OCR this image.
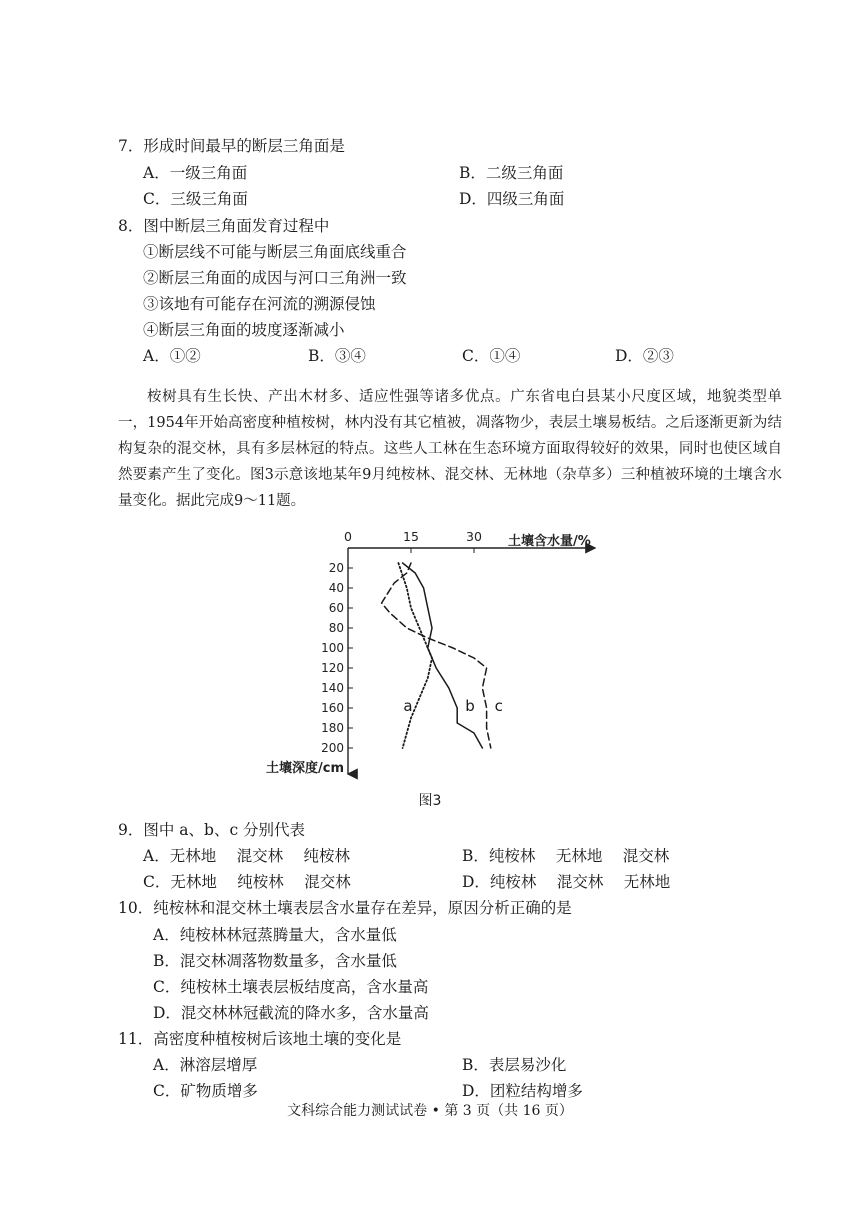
7．形成时间最早的断层三角面是
A．一级三角面	B．二级三角面
C．三级三角面	D．四级三角面
8．图中断层三角面发育过程中
①断层线不可能与断层三角面底线重合
②断层三角面的成因与河口三角洲一致
③该地有可能存在河流的溯源侵蚀
④断层三角面的坡度逐渐减小
A．①②	B．③④	C．①④	D．②③

桉树具有生长快、产出木材多、适应性强等诸多优点。广东省电白县某小尺度区域，地貌类型单一，1954年开始高密度种植桉树，林内没有其它植被，凋落物少，表层土壤易板结。之后逐渐更新为结构复杂的混交林，具有多层林冠的特点。这些人工林在生态环境方面取得较好的效果，同时也使区域自然要素产生了变化。图3示意该地某年9月纯桉林、混交林、无林地（杂草多）三种植被环境的土壤含水量变化。据此完成9～11题。

0	15	30 土壤含水量/%
20
40
60
80
100
120
140
160
180
200
土壤深度/cm
a	b c
图3
9．图中 a、b、c 分别代表
A．无林地　 混交林　 纯桉林	B．纯桉林　 无林地　 混交林
C．无林地　 纯桉林　 混交林	D．纯桉林　 混交林　 无林地
10．纯桉林和混交林土壤表层含水量存在差异，原因分析正确的是
A．纯桉林林冠蒸腾量大，含水量低
B．混交林凋落物数量多，含水量低
C．纯桉林土壤表层板结度高，含水量高
D．混交林林冠截流的降水多，含水量高
11．高密度种植桉树后该地土壤的变化是
A．淋溶层增厚	B．表层易沙化
C．矿物质增多	D．团粒结构增多
文科综合能力测试试卷 • 第 3 页（共 16 页）
